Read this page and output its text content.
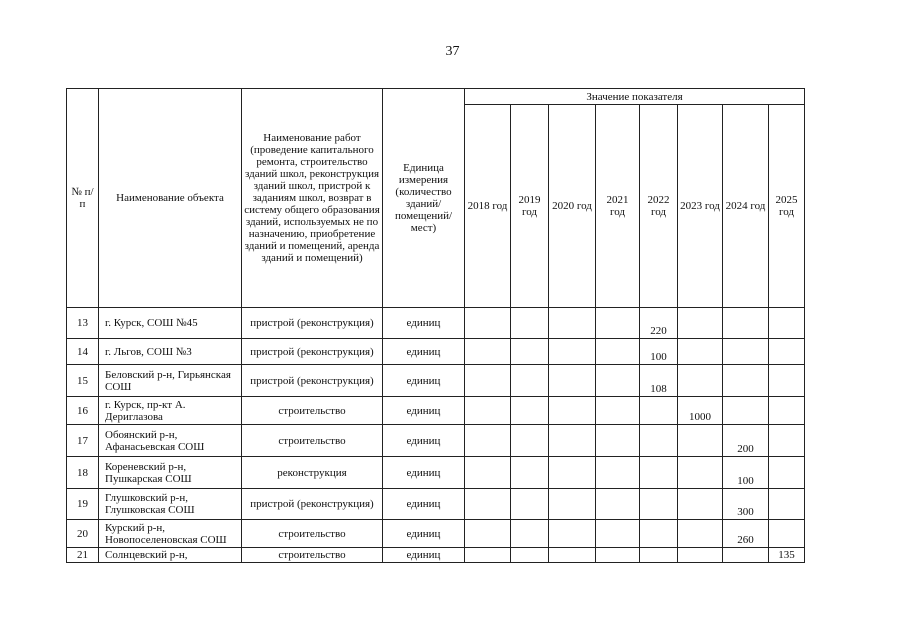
37
№ п/п	Наименование объекта	Наименование работ (проведение капитального ремонта, строительство зданий школ, реконструкция зданий школ, пристрой к заданиям школ, возврат в систему общего образования зданий, используемых не по назначению, приобретение зданий и помещений, аренда зданий и помещений)	Единица измерения (количество зданий/ помещений/ мест)	Значение показателя							
				2018 год	2019 год	2020 год	2021 год	2022 год	2023 год	2024 год	2025 год
13	г. Курск, СОШ №45	пристрой (реконструкция)	единиц					220			
14	г. Льгов, СОШ №3	пристрой (реконструкция)	единиц					100			
15	Беловский р-н, Гирьянская СОШ	пристрой (реконструкция)	единиц					108			
16	г. Курск, пр-кт А. Дериглазова	строительство	единиц						1000		
17	Обоянский р-н, Афанасьевская СОШ	строительство	единиц							200	
18	Кореневский р-н, Пушкарская СОШ	реконструкция	единиц							100	
19	Глушковский р-н, Глушковская СОШ	пристрой (реконструкция)	единиц							300	
20	Курский р-н, Новопоселеновская СОШ	строительство	единиц							260	
21	Солнцевский р-н,	строительство	единиц								135
